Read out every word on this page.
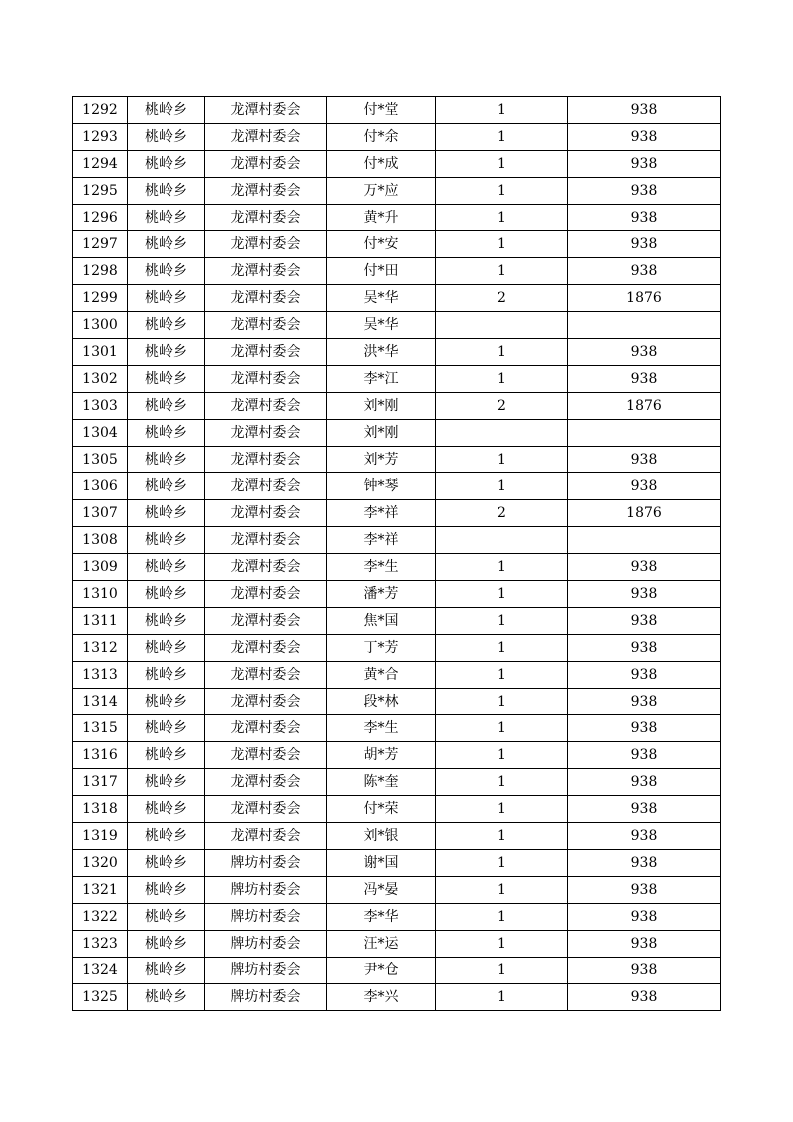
1292	桃岭乡	龙潭村委会	付*堂	1	938
1293	桃岭乡	龙潭村委会	付*余	1	938
1294	桃岭乡	龙潭村委会	付*成	1	938
1295	桃岭乡	龙潭村委会	万*应	1	938
1296	桃岭乡	龙潭村委会	黄*升	1	938
1297	桃岭乡	龙潭村委会	付*安	1	938
1298	桃岭乡	龙潭村委会	付*田	1	938
1299	桃岭乡	龙潭村委会	吴*华	2	1876
1300	桃岭乡	龙潭村委会	吴*华		
1301	桃岭乡	龙潭村委会	洪*华	1	938
1302	桃岭乡	龙潭村委会	李*江	1	938
1303	桃岭乡	龙潭村委会	刘*刚	2	1876
1304	桃岭乡	龙潭村委会	刘*刚		
1305	桃岭乡	龙潭村委会	刘*芳	1	938
1306	桃岭乡	龙潭村委会	钟*琴	1	938
1307	桃岭乡	龙潭村委会	李*祥	2	1876
1308	桃岭乡	龙潭村委会	李*祥		
1309	桃岭乡	龙潭村委会	李*生	1	938
1310	桃岭乡	龙潭村委会	潘*芳	1	938
1311	桃岭乡	龙潭村委会	焦*国	1	938
1312	桃岭乡	龙潭村委会	丁*芳	1	938
1313	桃岭乡	龙潭村委会	黄*合	1	938
1314	桃岭乡	龙潭村委会	段*林	1	938
1315	桃岭乡	龙潭村委会	李*生	1	938
1316	桃岭乡	龙潭村委会	胡*芳	1	938
1317	桃岭乡	龙潭村委会	陈*奎	1	938
1318	桃岭乡	龙潭村委会	付*荣	1	938
1319	桃岭乡	龙潭村委会	刘*银	1	938
1320	桃岭乡	牌坊村委会	谢*国	1	938
1321	桃岭乡	牌坊村委会	冯*晏	1	938
1322	桃岭乡	牌坊村委会	李*华	1	938
1323	桃岭乡	牌坊村委会	汪*运	1	938
1324	桃岭乡	牌坊村委会	尹*仓	1	938
1325	桃岭乡	牌坊村委会	李*兴	1	938
